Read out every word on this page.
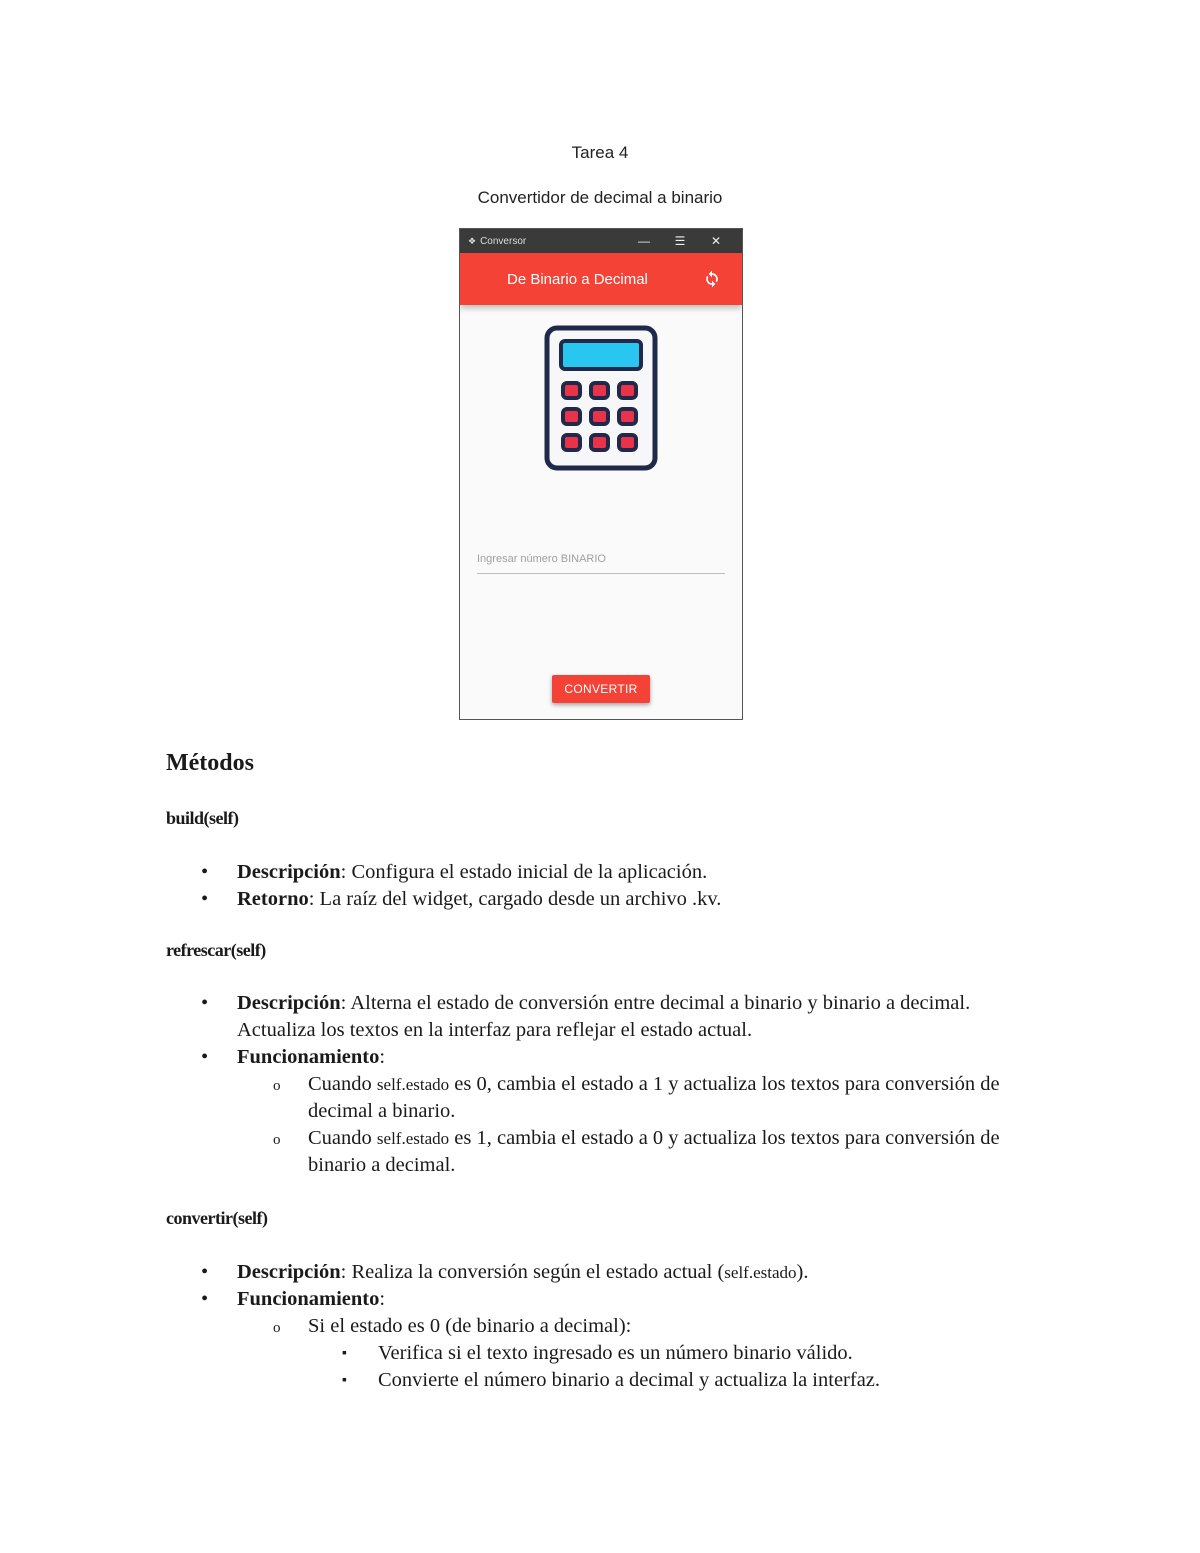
Tarea 4
Convertidor de decimal a binario
❖ Conversor	—	☰	✕
De Binario a Decimal
Ingresar número BINARIO
CONVERTIR
Métodos
build(self)
• Descripción: Configura el estado inicial de la aplicación.
• Retorno: La raíz del widget, cargado desde un archivo .kv.
refrescar(self)
• Descripción: Alterna el estado de conversión entre decimal a binario y binario a decimal. Actualiza los textos en la interfaz para reflejar el estado actual.
• Funcionamiento:
o Cuando self.estado es 0, cambia el estado a 1 y actualiza los textos para conversión de decimal a binario.
o Cuando self.estado es 1, cambia el estado a 0 y actualiza los textos para conversión de binario a decimal.
convertir(self)
• Descripción: Realiza la conversión según el estado actual (self.estado).
• Funcionamiento:
o Si el estado es 0 (de binario a decimal):
▪ Verifica si el texto ingresado es un número binario válido.
▪ Convierte el número binario a decimal y actualiza la interfaz.
